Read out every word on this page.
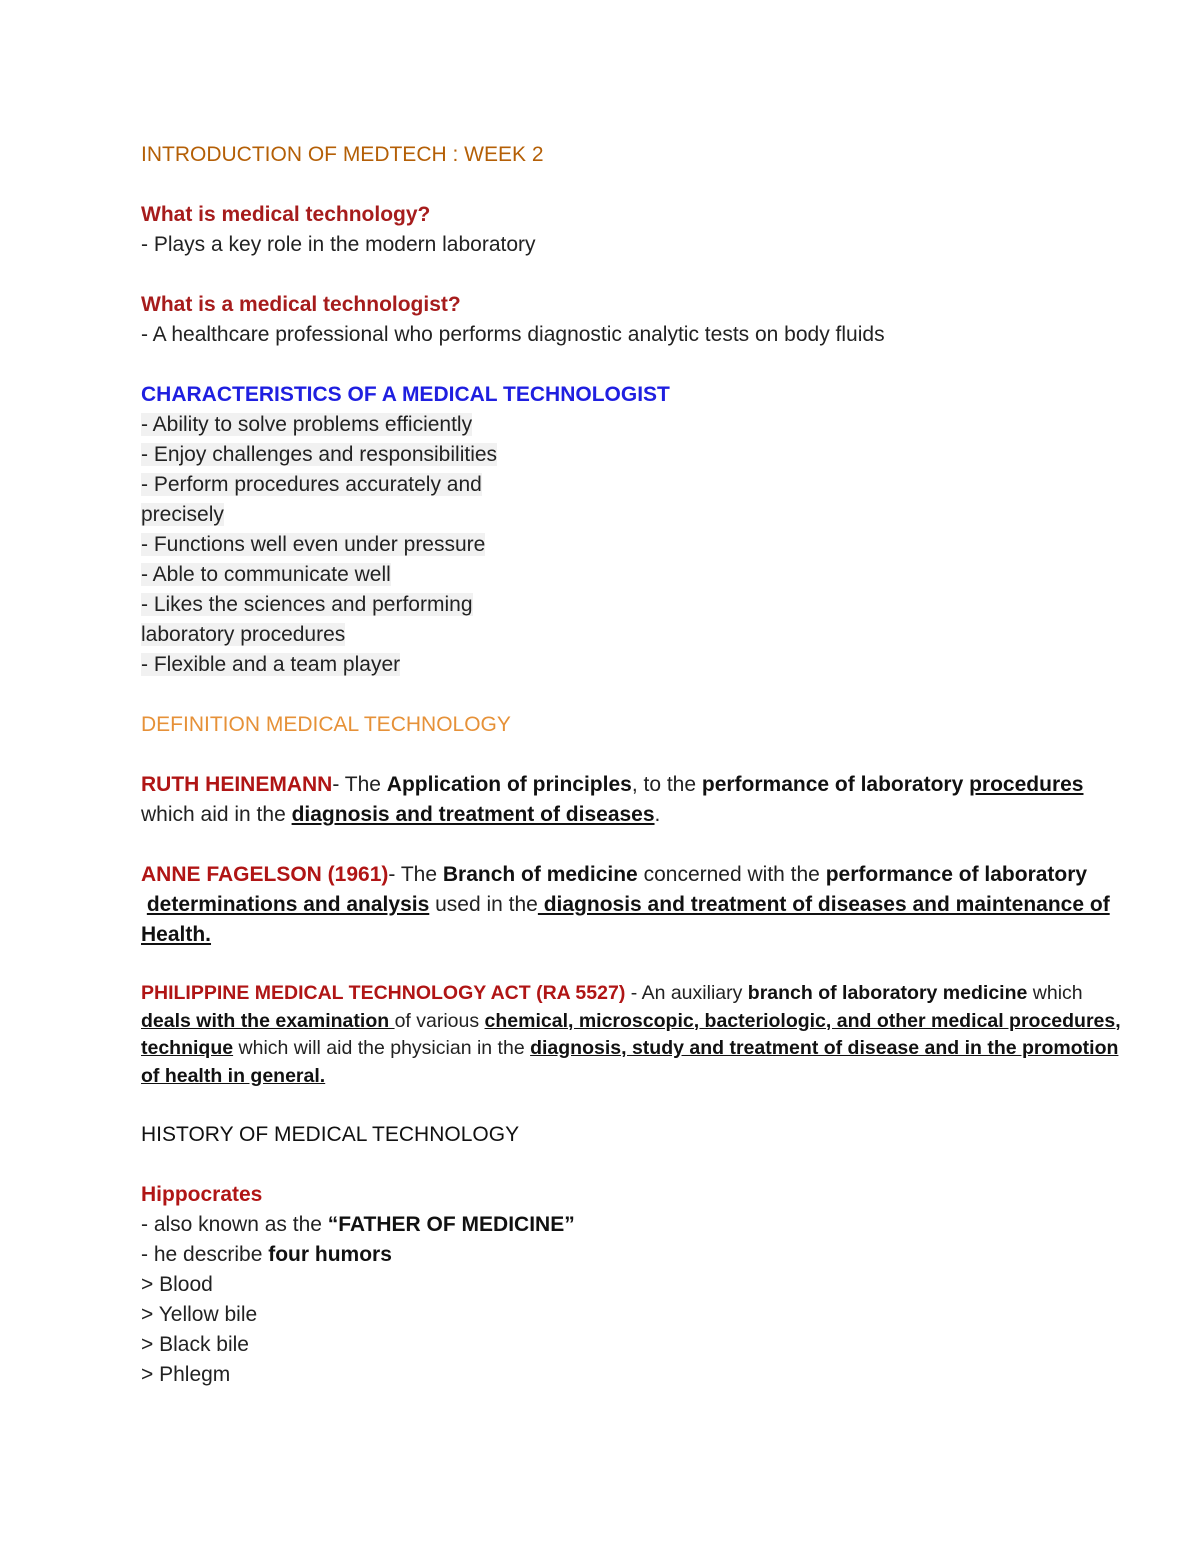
INTRODUCTION OF MEDTECH : WEEK 2
What is medical technology?
- Plays a key role in the modern laboratory
What is a medical technologist?
- A healthcare professional who performs diagnostic analytic tests on body fluids
CHARACTERISTICS OF A MEDICAL TECHNOLOGIST
- Ability to solve problems efficiently
- Enjoy challenges and responsibilities
- Perform procedures accurately and
precisely
- Functions well even under pressure
- Able to communicate well
- Likes the sciences and performing
laboratory procedures
- Flexible and a team player
DEFINITION MEDICAL TECHNOLOGY
RUTH HEINEMANN- The Application of principles, to the performance of laboratory procedures
which aid in the diagnosis and treatment of diseases.
ANNE FAGELSON (1961)- The Branch of medicine concerned with the performance of laboratory
determinations and analysis used in the diagnosis and treatment of diseases and maintenance of
Health.
PHILIPPINE MEDICAL TECHNOLOGY ACT (RA 5527) - An auxiliary branch of laboratory medicine which
deals with the examination of various chemical, microscopic, bacteriologic, and other medical procedures,
technique which will aid the physician in the diagnosis, study and treatment of disease and in the promotion
of health in general.
HISTORY OF MEDICAL TECHNOLOGY
Hippocrates
- also known as the “FATHER OF MEDICINE”
- he describe four humors
> Blood
> Yellow bile
> Black bile
> Phlegm
